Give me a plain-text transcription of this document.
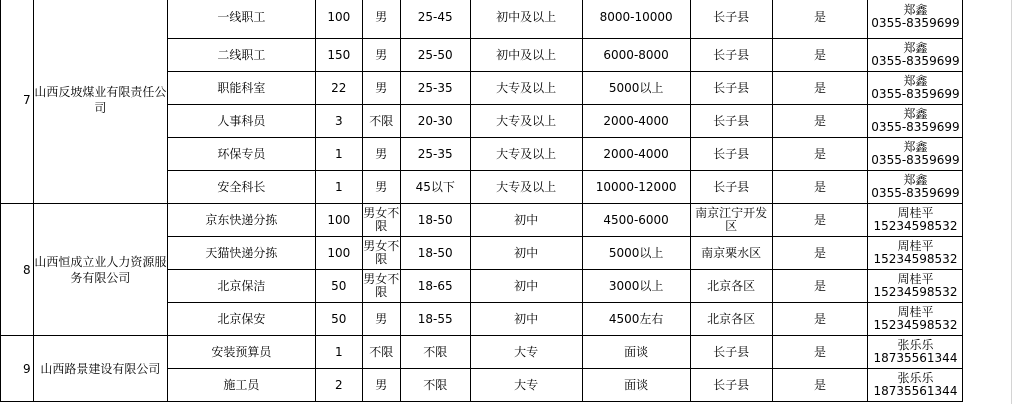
7	山西反坡煤业有限责任公司	一线职工	100	男	25-45	初中及以上	8000-10000	长子县	是	郑鑫
0355-8359699	

		二线职工	150	男	25-50	初中及以上	6000-8000	长子县	是	郑鑫
0355-8359699	

		职能科室	22	男	25-35	大专及以上	5000以上	长子县	是	郑鑫
0355-8359699	

		人事科员	3	不限	20-30	大专及以上	2000-4000	长子县	是	郑鑫
0355-8359699	

		环保专员	1	男	25-35	大专及以上	2000-4000	长子县	是	郑鑫
0355-8359699	

		安全科长	1	男	45以下	大专及以上	10000-12000	长子县	是	郑鑫
0355-8359699	

8	山西恒成立业人力资源服务有限公司	京东快递分拣	100	男女不限	18-50	初中	4500-6000	南京江宁开发区	是	周桂平
15234598532	

		天猫快递分拣	100	男女不限	18-50	初中	5000以上	南京栗水区	是	周桂平
15234598532	

		北京保洁	50	男女不限	18-65	初中	3000以上	北京各区	是	周桂平
15234598532	

		北京保安	50	男	18-55	初中	4500左右	北京各区	是	周桂平
15234598532	

9	山西路景建设有限公司	安装预算员	1	不限	不限	大专	面谈	长子县	是	张乐乐
18735561344	

		施工员	2	男	不限	大专	面谈	长子县	是	张乐乐
18735561344	
